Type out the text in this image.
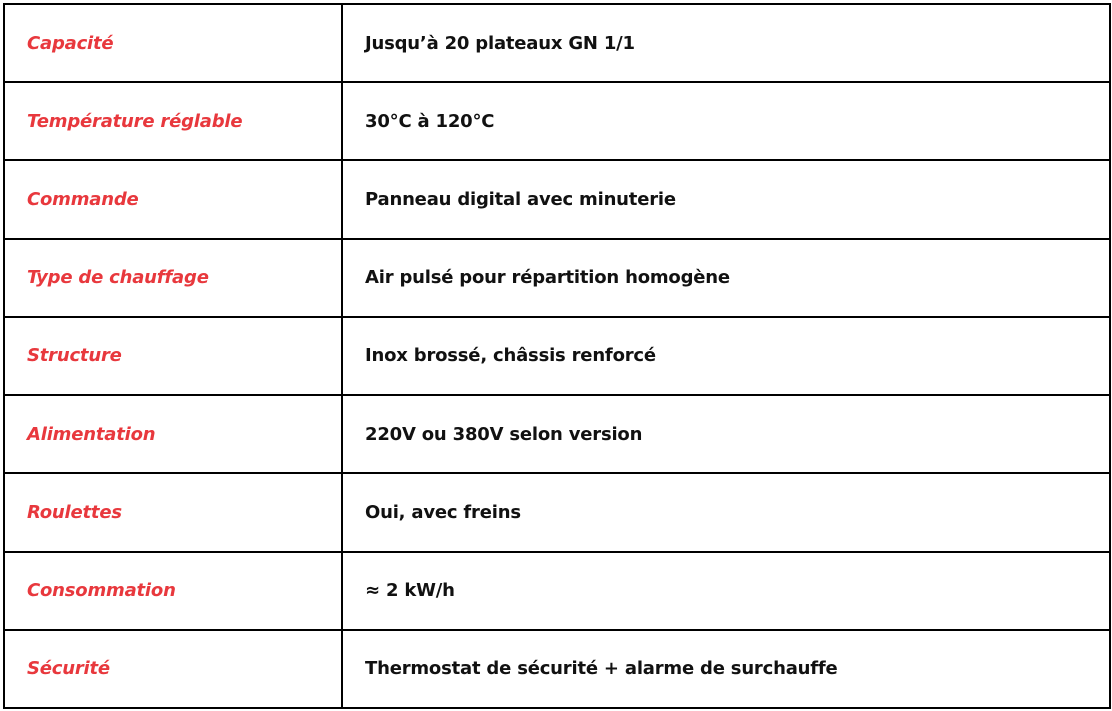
Capacité	Jusqu’à 20 plateaux GN 1/1
Température réglable	30°C à 120°C
Commande	Panneau digital avec minuterie
Type de chauffage	Air pulsé pour répartition homogène
Structure	Inox brossé, châssis renforcé
Alimentation	220V ou 380V selon version
Roulettes	Oui, avec freins
Consommation	≈ 2 kW/h
Sécurité	Thermostat de sécurité + alarme de surchauffe
